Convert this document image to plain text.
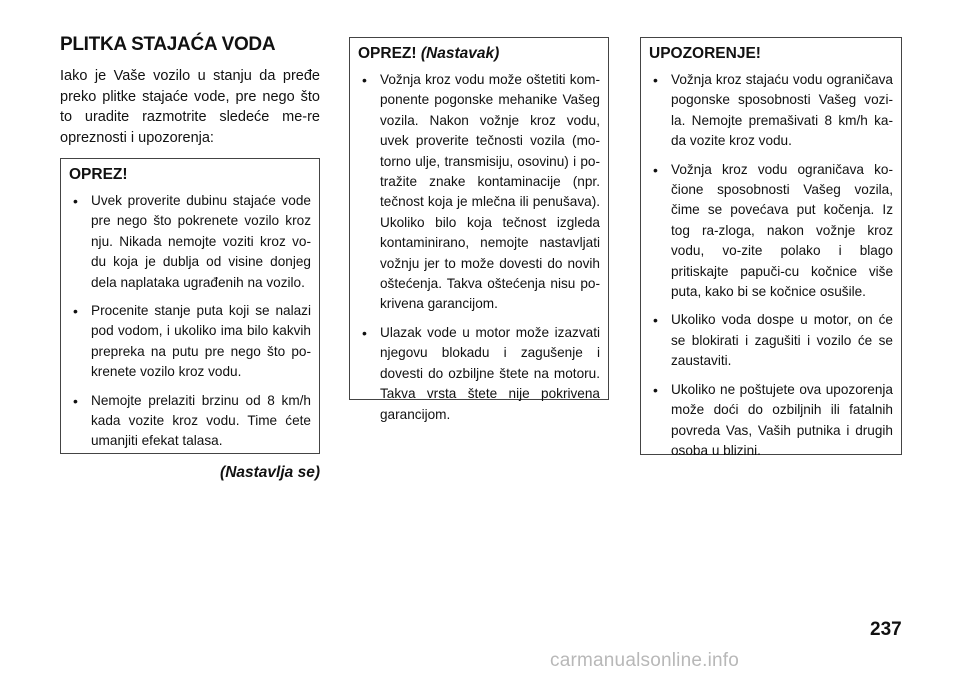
PLITKA STAJAĆA VODA

Iako je Vaše vozilo u stanju da pređe preko plitke stajaće vode, pre nego što to uradite razmotrite sledeće me-re opreznosti i upozorenja:

OPREZ!
• Uvek proverite dubinu stajaće vode pre nego što pokrenete vozilo kroz nju. Nikada nemojte voziti kroz vo-du koja je dublja od visine donjeg dela naplataka ugrađenih na vozilo.
• Procenite stanje puta koji se nalazi pod vodom, i ukoliko ima bilo kakvih prepreka na putu pre nego što po-krenete vozilo kroz vodu.
• Nemojte prelaziti brzinu od 8 km/h kada vozite kroz vodu. Time ćete umanjiti efekat talasa.
(Nastavlja se)
OPREZ! (Nastavak)
• Vožnja kroz vodu može oštetiti kom-ponente pogonske mehanike Vašeg vozila. Nakon vožnje kroz vodu, uvek proverite tečnosti vozila (mo-torno ulje, transmisiju, osovinu) i po-tražite znake kontaminacije (npr. tečnost koja je mlečna ili penušava). Ukoliko bilo koja tečnost izgleda kontaminirano, nemojte nastavljati vožnju jer to može dovesti do novih oštećenja. Takva oštećenja nisu po-krivena garancijom.
• Ulazak vode u motor može izazvati njegovu blokadu i zagušenje i dovesti do ozbiljne štete na motoru. Takva vrsta štete nije pokrivena garancijom.
UPOZORENJE!
• Vožnja kroz stajaću vodu ograničava pogonske sposobnosti Vašeg vozi-la. Nemojte premašivati 8 km/h ka-da vozite kroz vodu.
• Vožnja kroz vodu ograničava ko-čione sposobnosti Vašeg vozila, čime se povećava put kočenja. Iz tog ra-zloga, nakon vožnje kroz vodu, vo-zite polako i blago pritiskajte papuči-cu kočnice više puta, kako bi se kočnice osušile.
• Ukoliko voda dospe u motor, on će se blokirati i zagušiti i vozilo će se zaustaviti.
• Ukoliko ne poštujete ova upozorenja može doći do ozbiljnih ili fatalnih povreda Vas, Vaših putnika i drugih osoba u blizini.
237
carmanualsonline.info
